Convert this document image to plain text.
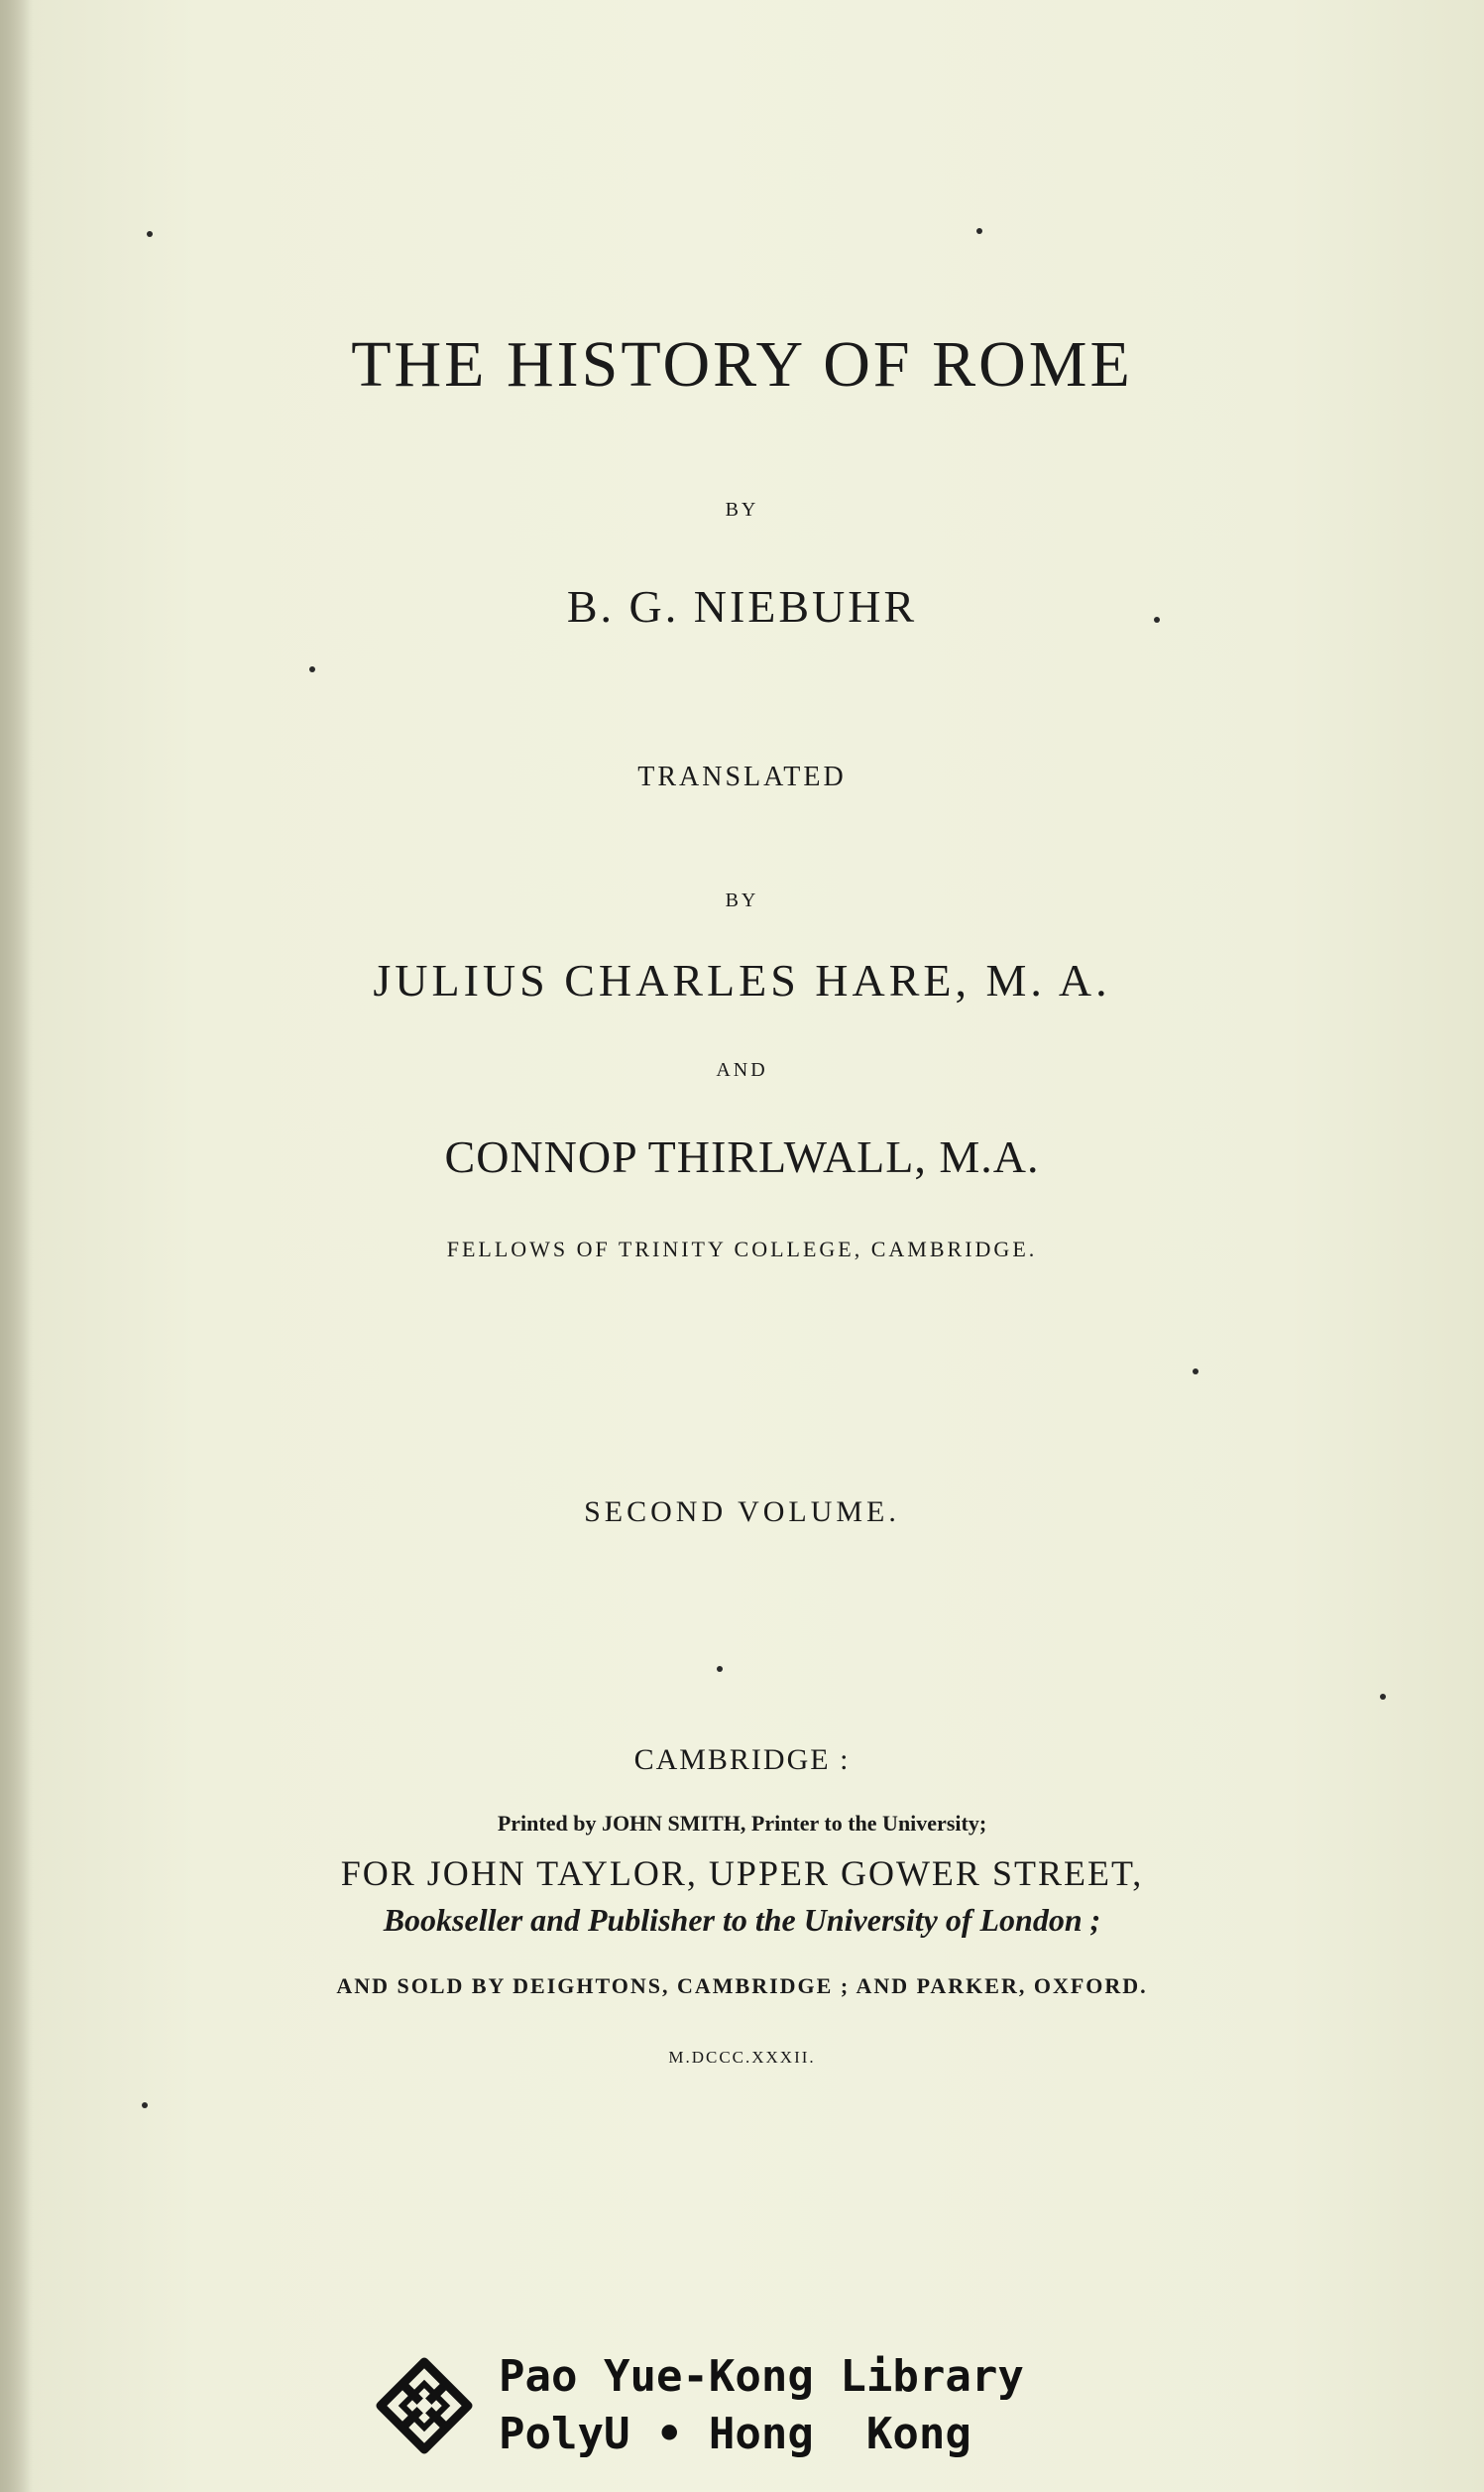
THE HISTORY OF ROME
BY
B. G. NIEBUHR
TRANSLATED
BY
JULIUS CHARLES HARE, M. A.
AND
CONNOP THIRLWALL, M.A.
FELLOWS OF TRINITY COLLEGE, CAMBRIDGE.
SECOND VOLUME.
CAMBRIDGE :
Printed by JOHN SMITH, Printer to the University;
FOR JOHN TAYLOR, UPPER GOWER STREET,
Bookseller and Publisher to the University of London ;
AND SOLD BY DEIGHTONS, CAMBRIDGE ; AND PARKER, OXFORD.
M.DCCC.XXXII.
Pao Yue-Kong Library
PolyU • Hong  Kong
